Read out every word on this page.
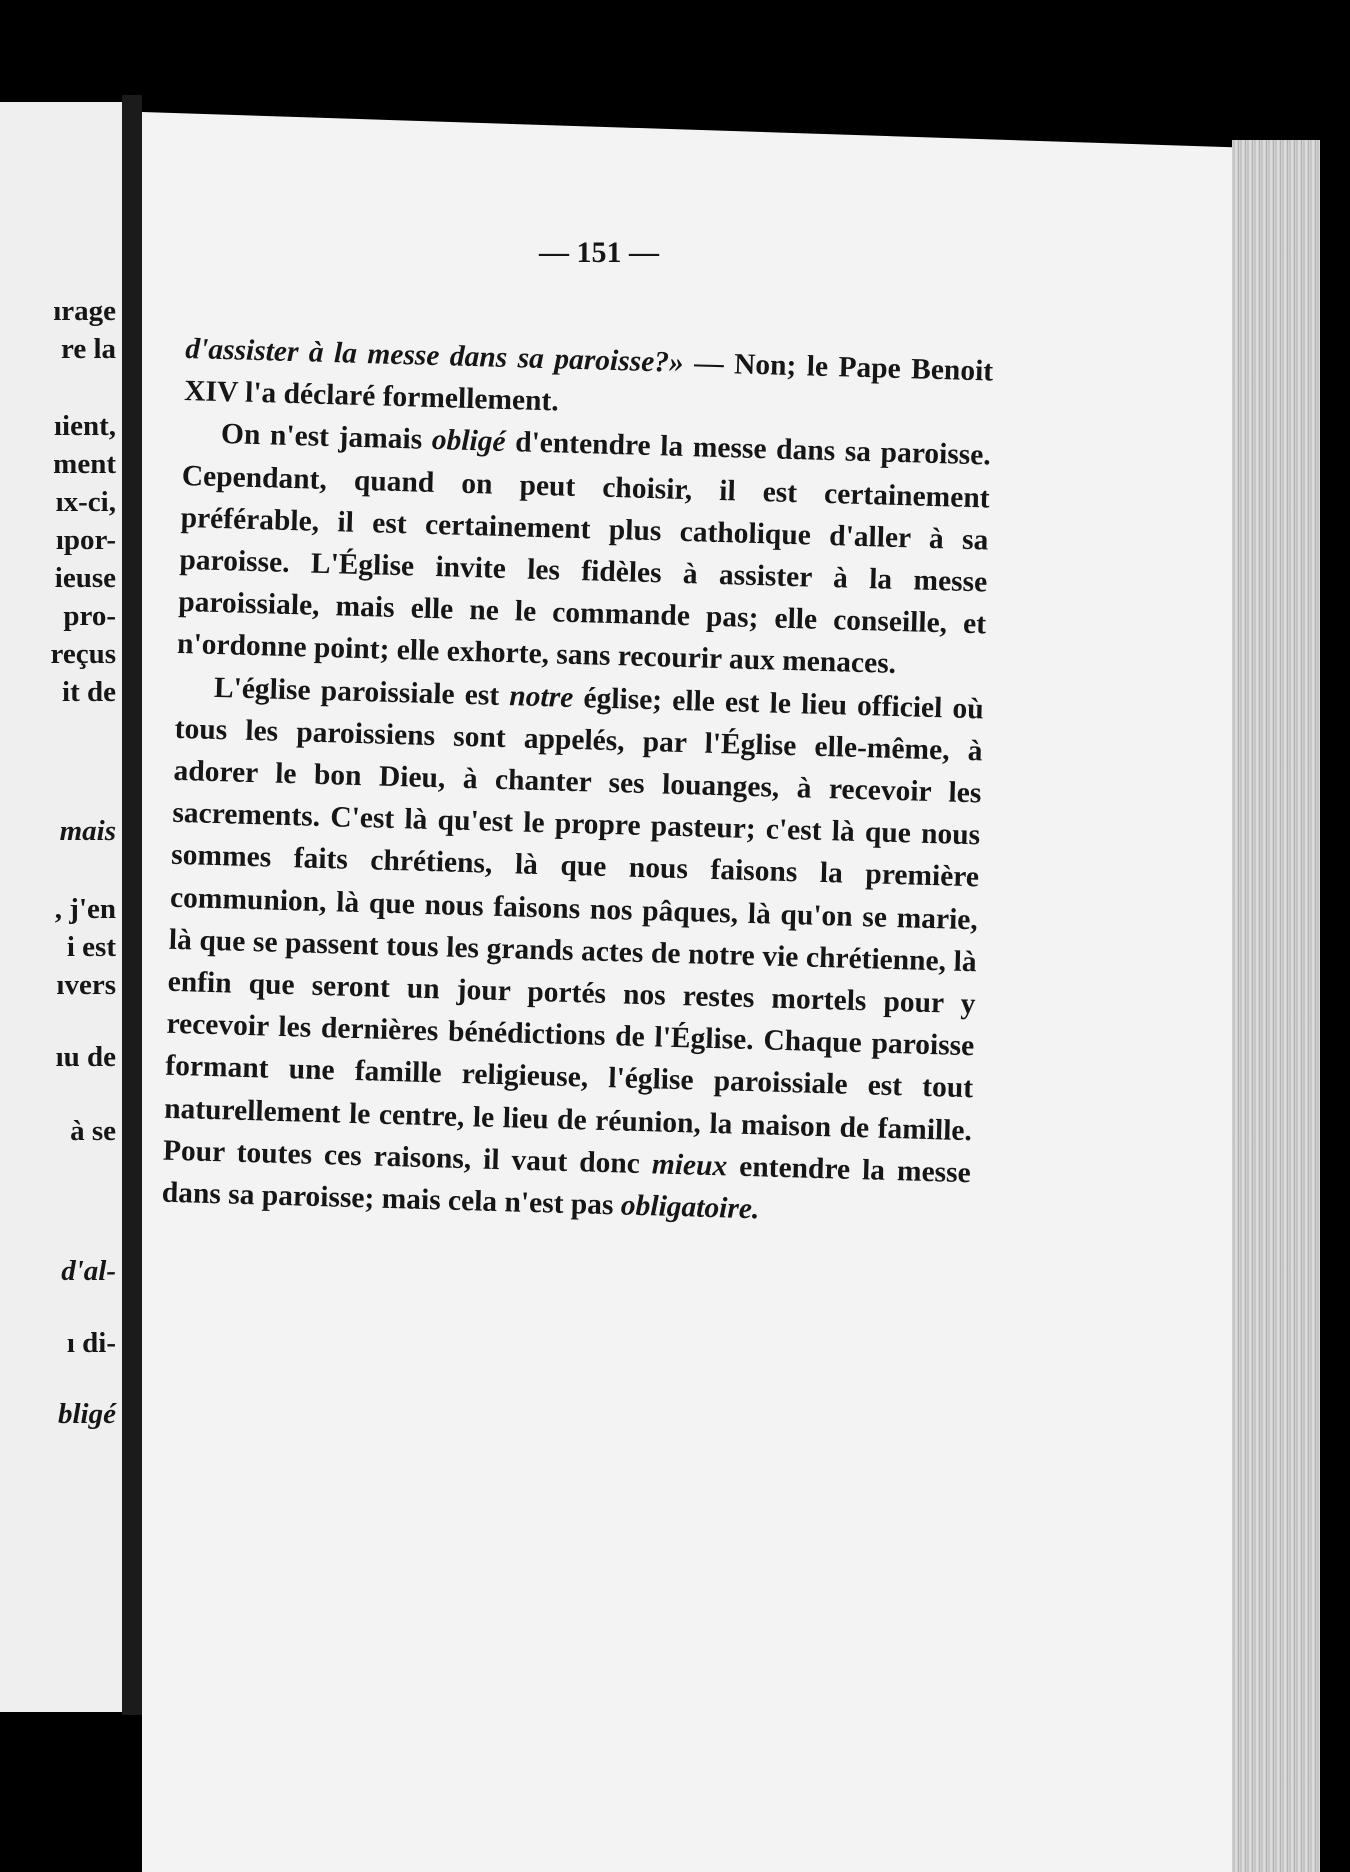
ırage
re la
ıient,
ment
ıx-ci,
ıpor-
ieuse
pro-
reçus
it de
mais
, j'en
i est
ıvers
ıu de
à se
d'al-
ı di-
bligé
— 151 —

d'assister à la messe dans sa paroisse?» — Non; le Pape Benoit XIV l'a déclaré formellement.

On n'est jamais obligé d'entendre la messe dans sa paroisse. Cependant, quand on peut choisir, il est certainement préférable, il est certainement plus catholique d'aller à sa paroisse. L'Église invite les fidèles à assister à la messe paroissiale, mais elle ne le commande pas; elle conseille, et n'ordonne point; elle exhorte, sans recourir aux menaces.

L'église paroissiale est notre église; elle est le lieu officiel où tous les paroissiens sont appelés, par l'Église elle-même, à adorer le bon Dieu, à chanter ses louanges, à recevoir les sacrements. C'est là qu'est le propre pasteur; c'est là que nous sommes faits chrétiens, là que nous faisons la première communion, là que nous faisons nos pâques, là qu'on se marie, là que se passent tous les grands actes de notre vie chrétienne, là enfin que seront un jour portés nos restes mortels pour y recevoir les dernières bénédictions de l'Église. Chaque paroisse formant une famille religieuse, l'église paroissiale est tout naturellement le centre, le lieu de réunion, la maison de famille. Pour toutes ces raisons, il vaut donc mieux entendre la messe dans sa paroisse; mais cela n'est pas obligatoire.
